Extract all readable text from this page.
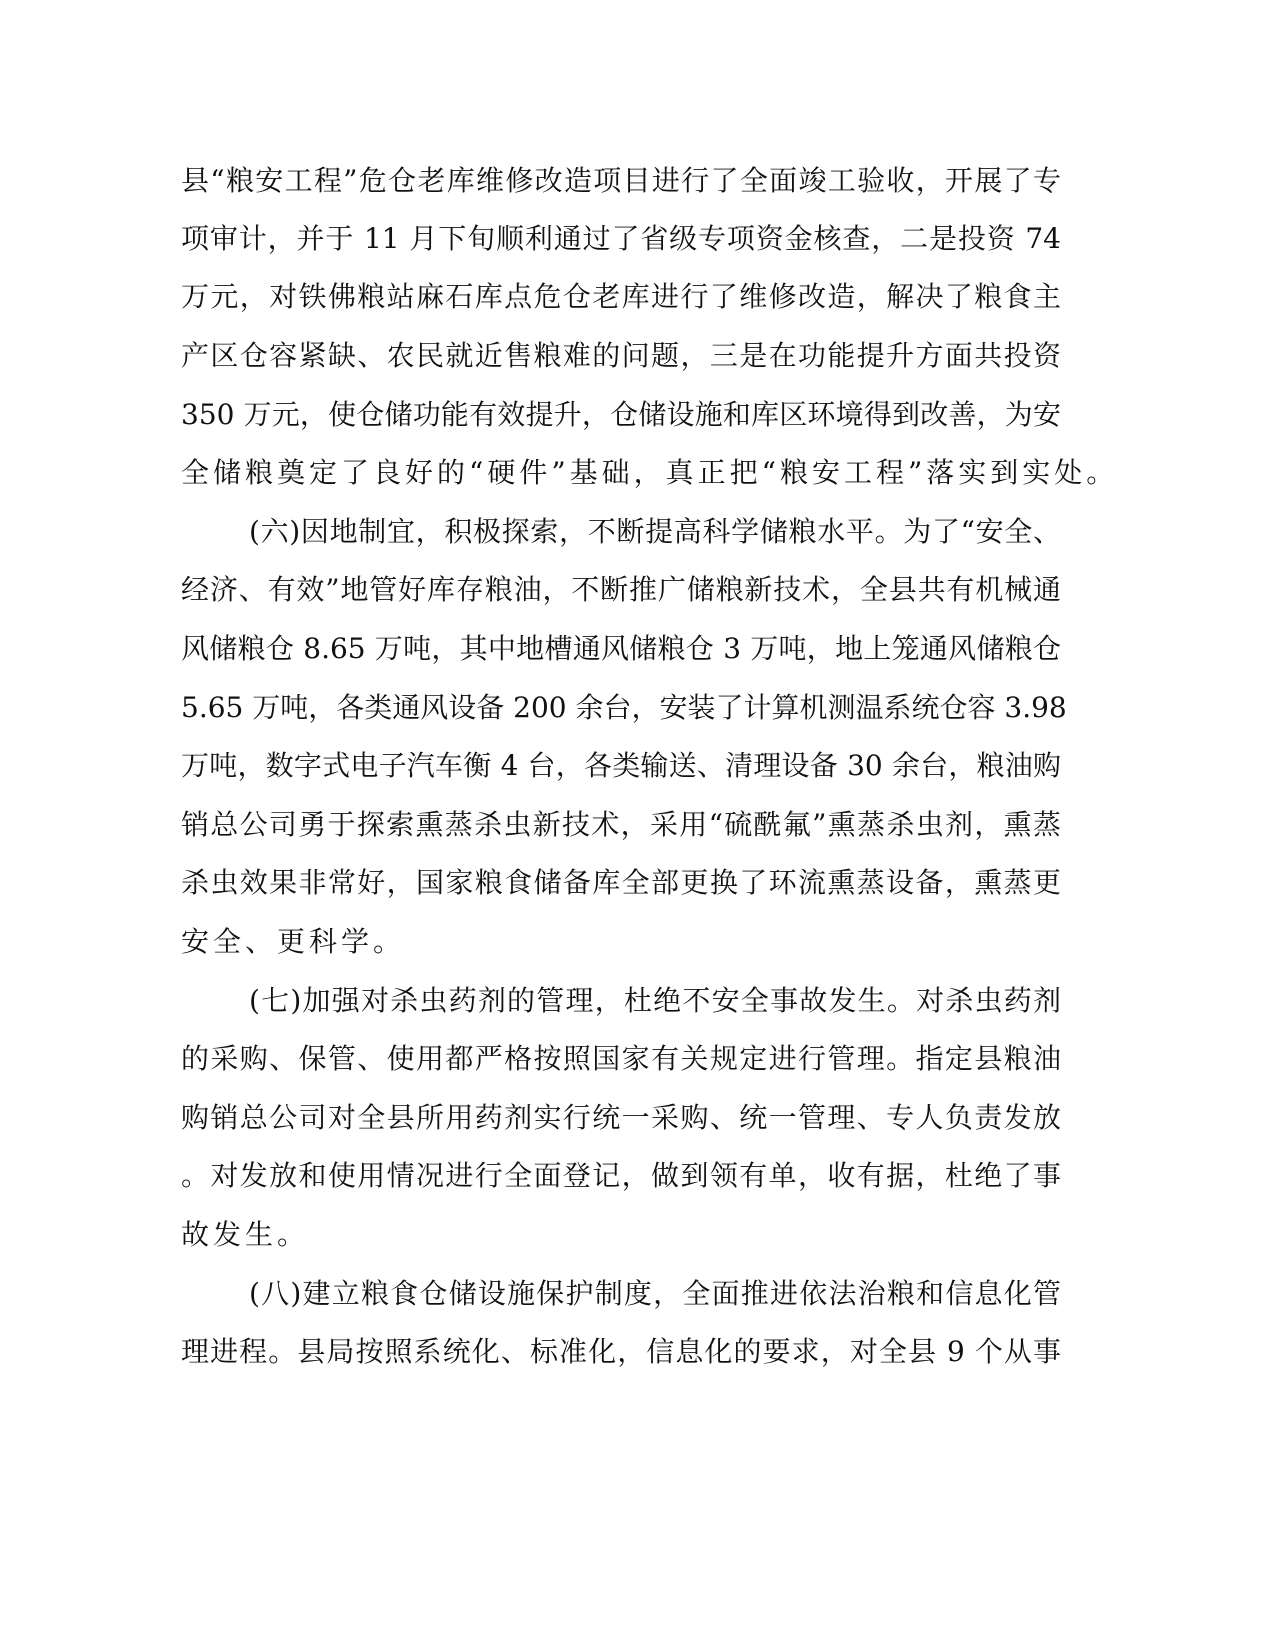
县“粮安工程”危仓老库维修改造项目进行了全面竣工验收，开展了专
项审计，并于 11 月下旬顺利通过了省级专项资金核查，二是投资 74
万元，对铁佛粮站麻石库点危仓老库进行了维修改造，解决了粮食主
产区仓容紧缺、农民就近售粮难的问题，三是在功能提升方面共投资
350 万元，使仓储功能有效提升，仓储设施和库区环境得到改善，为安
全储粮奠定了良好的“硬件”基础，真正把“粮安工程”落实到实处。
(六)因地制宜，积极探索，不断提高科学储粮水平。为了“安全、
经济、有效”地管好库存粮油，不断推广储粮新技术，全县共有机械通
风储粮仓 8.65 万吨，其中地槽通风储粮仓 3 万吨，地上笼通风储粮仓
5.65 万吨，各类通风设备 200 余台，安装了计算机测温系统仓容 3.98
万吨，数字式电子汽车衡 4 台，各类输送、清理设备 30 余台，粮油购
销总公司勇于探索熏蒸杀虫新技术，采用“硫酰氟”熏蒸杀虫剂，熏蒸
杀虫效果非常好，国家粮食储备库全部更换了环流熏蒸设备，熏蒸更
安全、更科学。
(七)加强对杀虫药剂的管理，杜绝不安全事故发生。对杀虫药剂
的采购、保管、使用都严格按照国家有关规定进行管理。指定县粮油
购销总公司对全县所用药剂实行统一采购、统一管理、专人负责发放
。对发放和使用情况进行全面登记，做到领有单，收有据，杜绝了事
故发生。
(八)建立粮食仓储设施保护制度，全面推进依法治粮和信息化管
理进程。县局按照系统化、标准化，信息化的要求，对全县 9 个从事
